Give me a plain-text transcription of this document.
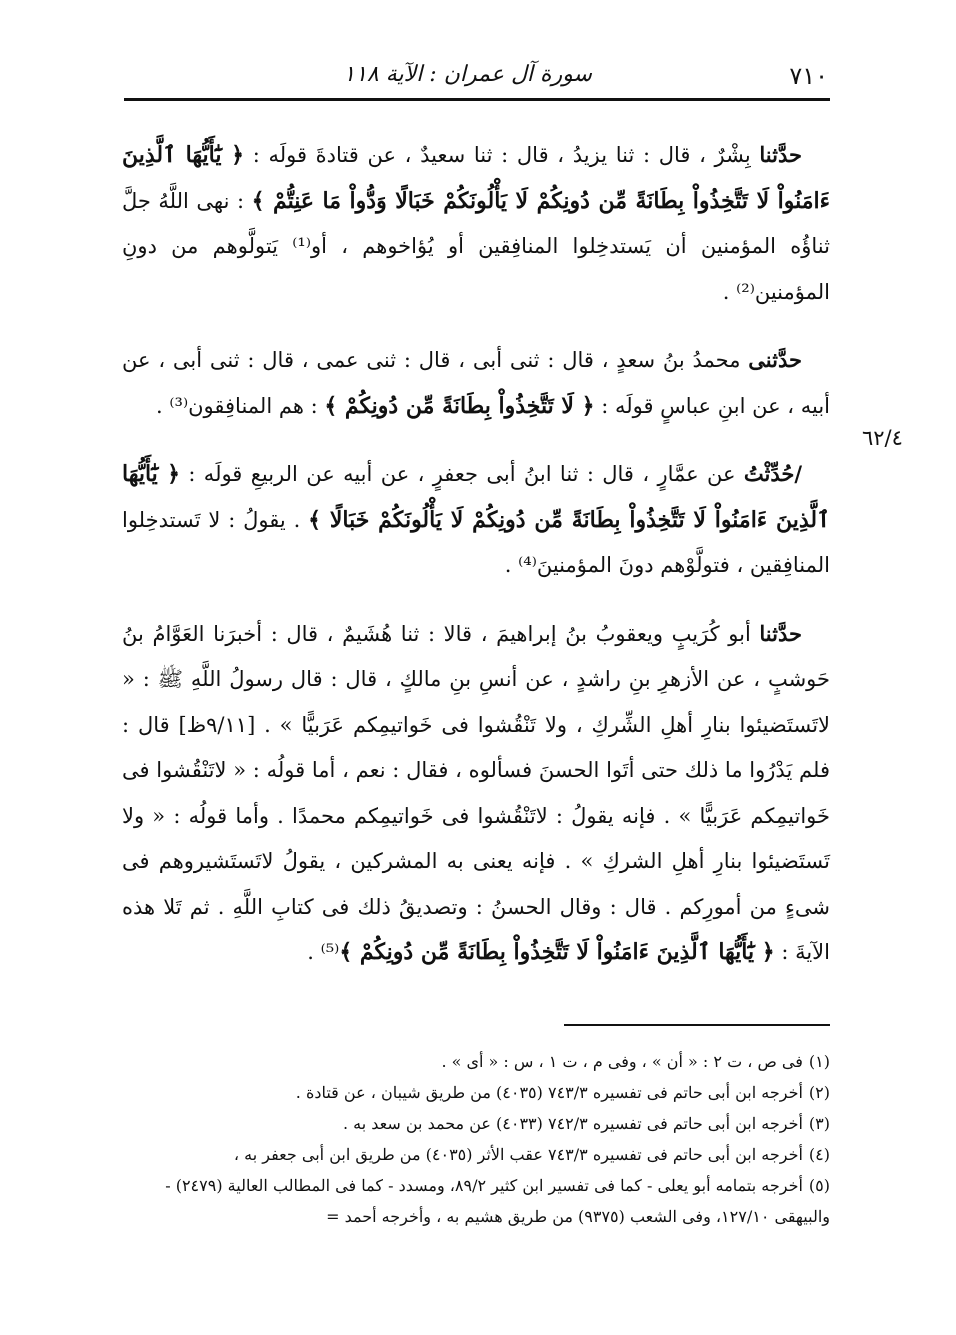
٧١٠
سورة آل عمران : الآية ١١٨
٦٢/٤

حدَّثنا بِشْرٌ ، قال : ثنا يزيدُ ، قال : ثنا سعيدٌ ، عن قتادةَ قولَه : ﴿ يَٰٓأَيُّهَا ٱلَّذِينَ ءَامَنُواْ لَا تَتَّخِذُواْ بِطَانَةً مِّن دُونِكُمْ لَا يَأْلُونَكُمْ خَبَالًا وَدُّواْ مَا عَنِتُّمْ ﴾ : نهى اللَّهُ جلَّ ثناؤُه المؤمنين أن يَستدخِلوا المنافِقين أو يُؤاخوهم ، أو⁽¹⁾ يَتولَّوهم من دونِ المؤمنين⁽²⁾ .

حدَّثنى محمدُ بنُ سعدٍ ، قال : ثنى أبى ، قال : ثنى عمى ، قال : ثنى أبى ، عن أبيه ، عن ابنِ عباسٍ قولَه : ﴿ لَا تَتَّخِذُواْ بِطَانَةً مِّن دُونِكُمْ ﴾ : هم المنافِقون⁽³⁾ .

/حُدِّثْتُ عن عمَّارٍ ، قال : ثنا ابنُ أبى جعفرٍ ، عن أبيه عن الربيعِ قولَه : ﴿ يَٰٓأَيُّهَا ٱلَّذِينَ ءَامَنُواْ لَا تَتَّخِذُواْ بِطَانَةً مِّن دُونِكُمْ لَا يَأْلُونَكُمْ خَبَالًا ﴾ . يقولُ : لا تَستدخِلوا المنافِقين ، فتولَّوْهم دونَ المؤمنينَ⁽⁴⁾ .

حدَّثنا أبو كُرَيبٍ ويعقوبُ بنُ إبراهيمَ ، قالا : ثنا هُشَيمٌ ، قال : أخبرَنا العَوَّامُ بنُ حَوشبٍ ، عن الأزهرِ بنِ راشدٍ ، عن أنسِ بنِ مالكٍ ، قال : قال رسولُ اللَّهِ ﷺ : « لاتَستَضيئوا بنارِ أهلِ الشِّركِ ، ولا تَنْقُشوا فى خَواتيمِكم عَرَبيًّا » . [٩/١١ظ] قال : فلم يَدْرُوا ما ذلك حتى أتَوا الحسنَ فسألوه ، فقال : نعم ، أما قولُه : « لاتَنْقُشوا فى خَواتيمِكم عَرَبيًّا » . فإنه يقولُ : لاتَنْقُشوا فى خَواتيمِكم محمدًا . وأما قولُه : « ولا تَستَضيئوا بنارِ أهلِ الشركِ » . فإنه يعنى به المشركين ، يقولُ لاتَستَشيروهم فى شىءٍ من أمورِكم . قال : وقال الحسنُ : وتصديقُ ذلك فى كتابِ اللَّهِ . ثم تَلا هذه الآيةَ : ﴿ يَٰٓأَيُّهَا ٱلَّذِينَ ءَامَنُواْ لَا تَتَّخِذُواْ بِطَانَةً مِّن دُونِكُمْ ﴾⁽⁵⁾ .

(١)فى ص ، ت ٢ : « أن » ، وفى م ، ت ١ ، س : « أى » .

(٢)أخرجه ابن أبى حاتم فى تفسيره ٧٤٣/٣ (٤٠٣٥) من طريق شيبان ، عن قتادة .

(٣)أخرجه ابن أبى حاتم فى تفسيره ٧٤٢/٣ (٤٠٣٣) عن محمد بن سعد به .

(٤)أخرجه ابن أبى حاتم فى تفسيره ٧٤٣/٣ عقب الأثر (٤٠٣٥) من طريق ابن أبى جعفر به ،

(٥)أخرجه بتمامه أبو يعلى - كما فى تفسير ابن كثير ٨٩/٢، ومسدد - كما فى المطالب العالية (٢٤٧٩) - والبيهقى ١٢٧/١٠، وفى الشعب (٩٣٧٥) من طريق هشيم به ، وأخرجه أحمد =
